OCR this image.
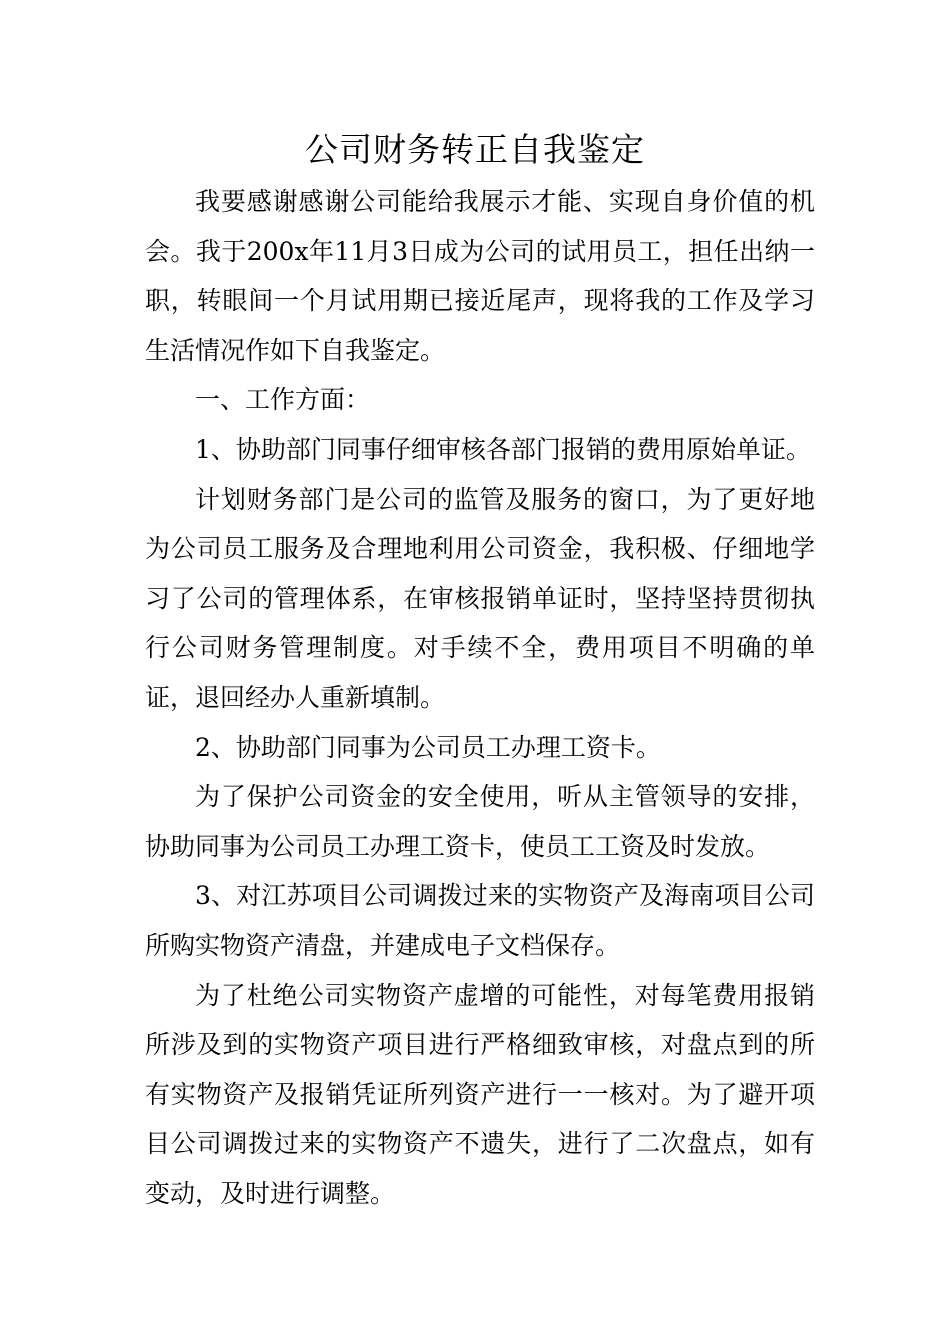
公司财务转正自我鉴定

我要感谢感谢公司能给我展示才能、实现自身价值的机会。我于200x年11月3日成为公司的试用员工，担任出纳一职，转眼间一个月试用期已接近尾声，现将我的工作及学习生活情况作如下自我鉴定。

一、工作方面：

1、协助部门同事仔细审核各部门报销的费用原始单证。

计划财务部门是公司的监管及服务的窗口，为了更好地为公司员工服务及合理地利用公司资金，我积极、仔细地学习了公司的管理体系，在审核报销单证时，坚持坚持贯彻执行公司财务管理制度。对手续不全，费用项目不明确的单证，退回经办人重新填制。

2、协助部门同事为公司员工办理工资卡。

为了保护公司资金的安全使用，听从主管领导的安排，协助同事为公司员工办理工资卡，使员工工资及时发放。

3、对江苏项目公司调拨过来的实物资产及海南项目公司所购实物资产清盘，并建成电子文档保存。

为了杜绝公司实物资产虚增的可能性，对每笔费用报销所涉及到的实物资产项目进行严格细致审核，对盘点到的所有实物资产及报销凭证所列资产进行一一核对。为了避开项目公司调拨过来的实物资产不遗失，进行了二次盘点，如有变动，及时进行调整。
